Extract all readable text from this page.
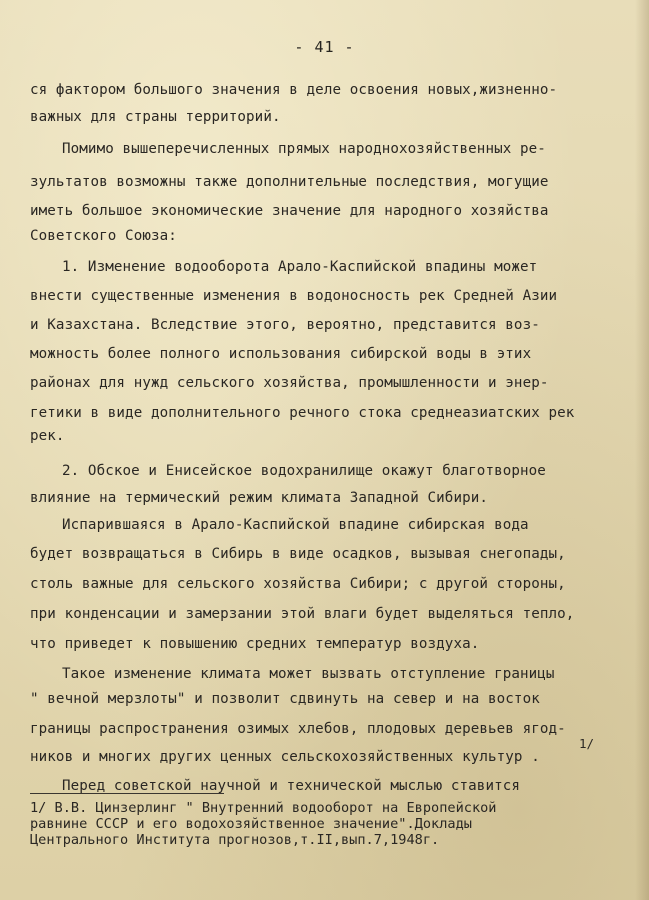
- 41 -
ся фактором большого значения в деле освоения новых,жизненно-
важных для страны территорий.
Помимо вышеперечисленных прямых народнохозяйственных ре-
зультатов возможны также дополнительные последствия, могущие
иметь большое экономические значение для народного хозяйства
Советского Союза:
1. Изменение водооборота Арало-Каспийской впадины может
внести существенные изменения в водоносность рек Средней Азии
и Казахстана. Вследствие этого, вероятно, представится воз-
можность более полного использования сибирской воды в этих
районах для нужд сельского хозяйства, промышленности и энер-
гетики в виде дополнительного речного стока среднеазиатских рек
рек.
2. Обское и Енисейское водохранилище окажут благотворное
влияние на термический режим климата Западной Сибири.
Испарившаяся в Арало-Каспийской впадине сибирская вода
будет возвращаться в Сибирь в виде осадков, вызывая снегопады,
столь важные для сельского хозяйства Сибири; с другой стороны,
при конденсации и замерзании этой влаги будет выделяться тепло,
что приведет к повышению средних температур воздуха.
Такое изменение климата может вызвать отступление границы
" вечной мерзлоты" и позволит сдвинуть на север и на восток
границы распространения озимых хлебов, плодовых деревьев ягод-
ников и многих других ценных сельскохозяйственных культур .
1/
Перед советской научной и технической мыслью ставится
1/ В.В. Цинзерлинг " Внутренний водооборот на Европейской
равнине СССР и его водохозяйственное значение".Доклады
Центрального Института прогнозов,т.II,вып.7,1948г.
